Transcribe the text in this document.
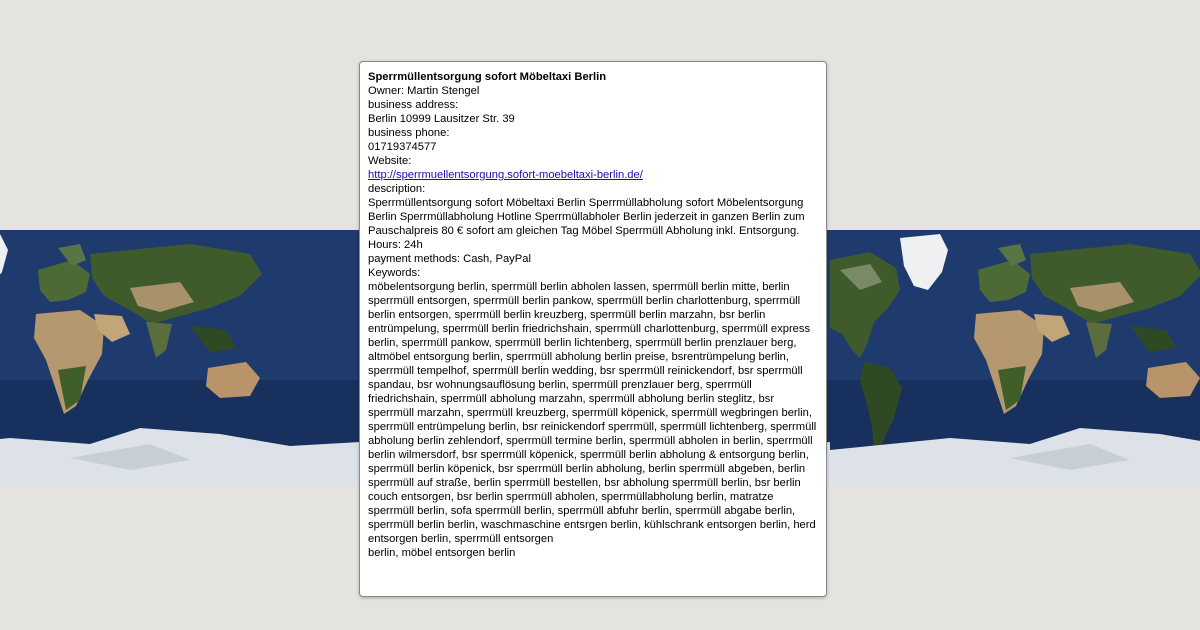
Sperrmüllentsorgung sofort Möbeltaxi Berlin
Owner: Martin Stengel
business address:
Berlin 10999 Lausitzer Str. 39
business phone:
01719374577
Website:
http://sperrmuellentsorgung.sofort-moebeltaxi-berlin.de/
description:
Sperrmüllentsorgung sofort Möbeltaxi Berlin Sperrmüllabholung sofort Möbelentsorgung Berlin Sperrmüllabholung Hotline Sperrmüllabholer Berlin jederzeit in ganzen Berlin zum Pauschalpreis 80 € sofort am gleichen Tag Möbel Sperrmüll Abholung inkl. Entsorgung.
Hours: 24h
payment methods: Cash, PayPal
Keywords:
möbelentsorgung berlin, sperrmüll berlin abholen lassen, sperrmüll berlin mitte, berlin sperrmüll entsorgen, sperrmüll berlin pankow, sperrmüll berlin charlottenburg, sperrmüll berlin entsorgen, sperrmüll berlin kreuzberg, sperrmüll berlin marzahn, bsr berlin entrümpelung, sperrmüll berlin friedrichshain, sperrmüll charlottenburg, sperrmüll express berlin, sperrmüll pankow, sperrmüll berlin lichtenberg, sperrmüll berlin prenzlauer berg, altmöbel entsorgung berlin, sperrmüll abholung berlin preise, bsrentrümpelung berlin, sperrmüll tempelhof, sperrmüll berlin wedding, bsr sperrmüll reinickendorf, bsr sperrmüll spandau, bsr wohnungsauflösung berlin, sperrmüll prenzlauer berg, sperrmüll friedrichshain, sperrmüll abholung marzahn, sperrmüll abholung berlin steglitz, bsr sperrmüll marzahn, sperrmüll kreuzberg, sperrmüll köpenick, sperrmüll wegbringen berlin, sperrmüll entrümpelung berlin, bsr reinickendorf sperrmüll, sperrmüll lichtenberg, sperrmüll abholung berlin zehlendorf, sperrmüll termine berlin, sperrmüll abholen in berlin, sperrmüll berlin wilmersdorf, bsr sperrmüll köpenick, sperrmüll berlin abholung & entsorgung berlin, sperrmüll berlin köpenick, bsr sperrmüll berlin abholung, berlin sperrmüll abgeben, berlin sperrmüll auf straße, berlin sperrmüll bestellen, bsr abholung sperrmüll berlin, bsr berlin couch entsorgen, bsr berlin sperrmüll abholen, sperrmüllabholung berlin, matratze sperrmüll berlin, sofa sperrmüll berlin, sperrmüll abfuhr berlin, sperrmüll abgabe berlin, sperrmüll berlin berlin, waschmaschine entsrgen berlin, kühlschrank entsorgen berlin, herd entsorgen berlin, sperrmüll entsorgen
berlin, möbel entsorgen berlin
